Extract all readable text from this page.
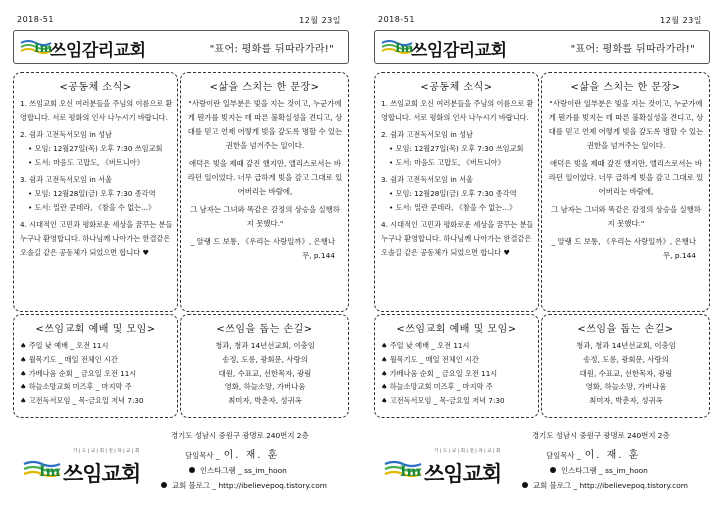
2018-51	12월 23일
Im
쓰임감리교회	"표어: 평화를 뒤따라가라!"
<공동체 소식>
1. 쓰임교회 오신 여러분들을 주님의 이름으로 환영합니다. 서로 평화의 인사 나누시기 바랍니다.
2. 쉼과 고전독서모임 in 성남
• 모임: 12월27일(목) 오후 7:30 쓰임교회
• 도서: 마음도 고맙도, 《버트니아》
3. 쉼과 고전독서모임 in 서울
• 모임: 12월28일(금) 오후 7:30 종각역
• 도서: 밀란 쿤데라, 《참을 수 없는...》
4. 시대적인 고민과 평화로운 세상을 꿈꾸는 분들 누구나 환영합니다. 하나님께 나아가는 한결같은 오솔길 같은 공동체가 되었으면 합니다 ♥
<삶을 스치는 한 문장>

"사랑이란 일부분은 빛을 지는 것이고, 누군가에게 뭔가를 빚지는 데 따른 불확실성을 견디고, 상대를 믿고 언제 어떻게 빚을 갚도록 명할 수 있는 권한을 넘겨주는 일이다.

애덕은 빚을 제때 갚진 했지만, 앨리스로서는 바라던 일이었다. 너무 급하게 빚을 갚고 그대로 있어버리는 바람에,

그 남자는 그녀와 똑같은 감정의 상승을 실행하지 못했다."

_ 알랭 드 보통, 《우리는 사랑일까》, 은행나무, p.144

<쓰임교회 예배 및 모임>
♠ 주일 낮 예배 _ 오전 11시
♠ 월목기도 _ 매일 전체인 시간
♠ 가베나움 순회 _ 금요일 오전 11시
♠ 하늘소망교회 미즈후 _ 마지막 주
♠ 고전독서모임 _ 목-금요일 저녁 7:30
<쓰임을 돕는 손길>
청과, 청과 14년선교회, 이충임
송정, 도롱, 광회문, 사랑의
대원, 수표교, 선한목자, 광림
영화, 하늘소망, 가버나움
최미자, 박춘자, 성귀옥
기|도|교|회|전|파|교|회
Im 쓰임교회
경기도 성남시 중원구 광명로 240번지 2층
담임목사 _ 이. 재. 훈
인스타그램 _ ss_im_hoon
교회 블로그 _ http://ibelievepoq.tistory.com
2018-51	12월 23일
Im
쓰임감리교회	"표어: 평화를 뒤따라가라!"
<공동체 소식>
1. 쓰임교회 오신 여러분들을 주님의 이름으로 환영합니다. 서로 평화의 인사 나누시기 바랍니다.
2. 쉼과 고전독서모임 in 성남
• 모임: 12월27일(목) 오후 7:30 쓰임교회
• 도서: 마음도 고맙도, 《버트니아》
3. 쉼과 고전독서모임 in 서울
• 모임: 12월28일(금) 오후 7:30 종각역
• 도서: 밀란 쿤데라, 《참을 수 없는...》
4. 시대적인 고민과 평화로운 세상을 꿈꾸는 분들 누구나 환영합니다. 하나님께 나아가는 한결같은 오솔길 같은 공동체가 되었으면 합니다 ♥
<삶을 스치는 한 문장>

"사랑이란 일부분은 빛을 지는 것이고, 누군가에게 뭔가를 빚지는 데 따른 불확실성을 견디고, 상대를 믿고 언제 어떻게 빚을 갚도록 명할 수 있는 권한을 넘겨주는 일이다.

애덕은 빚을 제때 갚진 했지만, 앨리스로서는 바라던 일이었다. 너무 급하게 빚을 갚고 그대로 있어버리는 바람에,

그 남자는 그녀와 똑같은 감정의 상승을 실행하지 못했다."

_ 알랭 드 보통, 《우리는 사랑일까》, 은행나무, p.144

<쓰임교회 예배 및 모임>
♠ 주일 낮 예배 _ 오전 11시
♠ 월목기도 _ 매일 전체인 시간
♠ 가베나움 순회 _ 금요일 오전 11시
♠ 하늘소망교회 미즈후 _ 마지막 주
♠ 고전독서모임 _ 목-금요일 저녁 7:30
<쓰임을 돕는 손길>
청과, 청과 14년선교회, 이충임
송정, 도롱, 광회문, 사랑의
대원, 수표교, 선한목자, 광림
영화, 하늘소망, 가버나움
최미자, 박춘자, 성귀옥
기|도|교|회|전|파|교|회
Im 쓰임교회
경기도 성남시 중원구 광명로 240번지 2층
담임목사 _ 이. 재. 훈
인스타그램 _ ss_im_hoon
교회 블로그 _ http://ibelievepoq.tistory.com
